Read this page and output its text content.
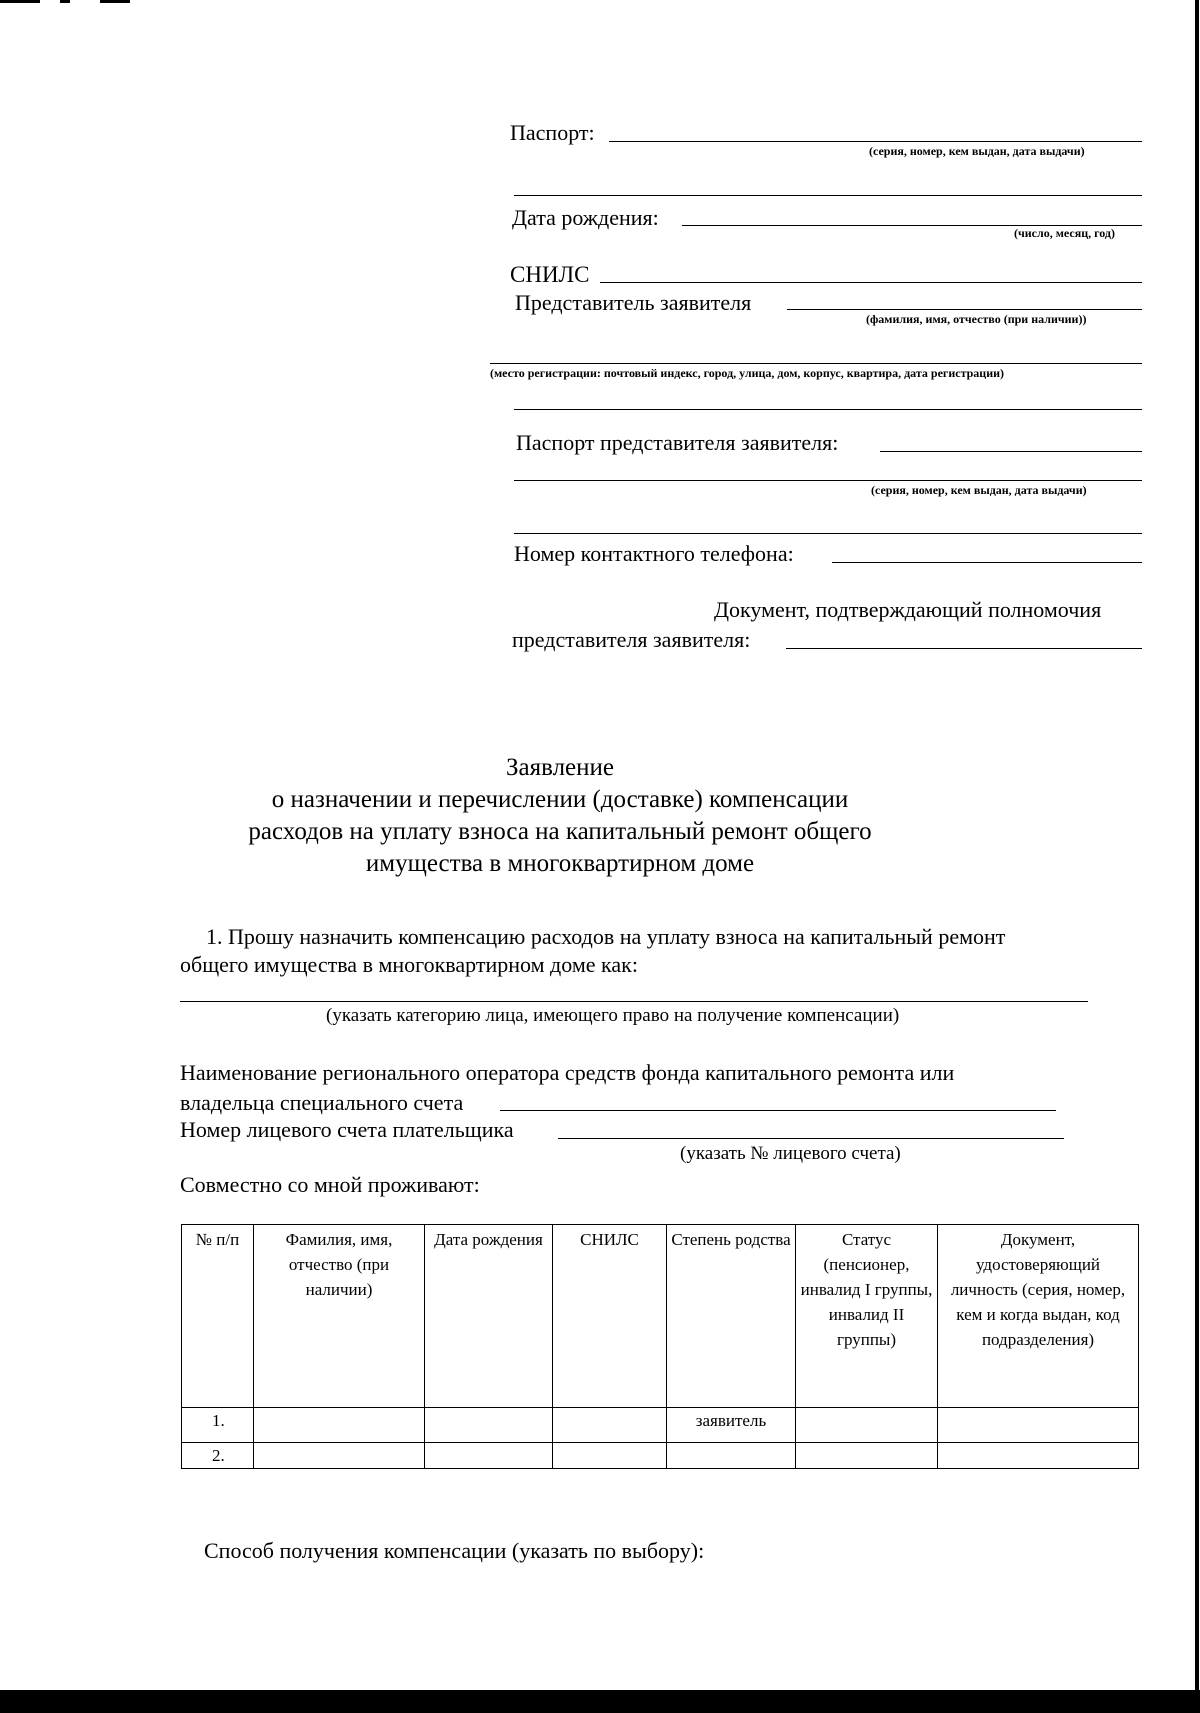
Паспорт:
(серия, номер, кем выдан, дата выдачи)
Дата рождения:
(число, месяц, год)
СНИЛС
Представитель заявителя
(фамилия, имя, отчество (при наличии))
(место регистрации: почтовый индекс, город, улица, дом, корпус, квартира, дата регистрации)
Паспорт представителя заявителя:
(серия, номер, кем выдан, дата выдачи)
Номер контактного телефона:
Документ, подтверждающий полномочия
представителя заявителя:
Заявление
о назначении и перечислении (доставке) компенсации
расходов на уплату взноса на капитальный ремонт общего
имущества в многоквартирном доме
1. Прошу назначить компенсацию расходов на уплату взноса на капитальный ремонт
общего имущества в многоквартирном доме как:
(указать категорию лица, имеющего право на получение компенсации)
Наименование регионального оператора средств фонда капитального ремонта или
владельца специального счета
Номер лицевого счета плательщика
(указать № лицевого счета)
Совместно со мной проживают:
№ п/п	Фамилия, имя, отчество (при наличии)	Дата рождения	СНИЛС	Степень родства	Статус (пенсионер, инвалид I группы, инвалид II группы)	Документ, удостоверяющий личность (серия, номер, кем и когда выдан, код подразделения)
1.				заявитель		
2.						
Способ получения компенсации (указать по выбору):
